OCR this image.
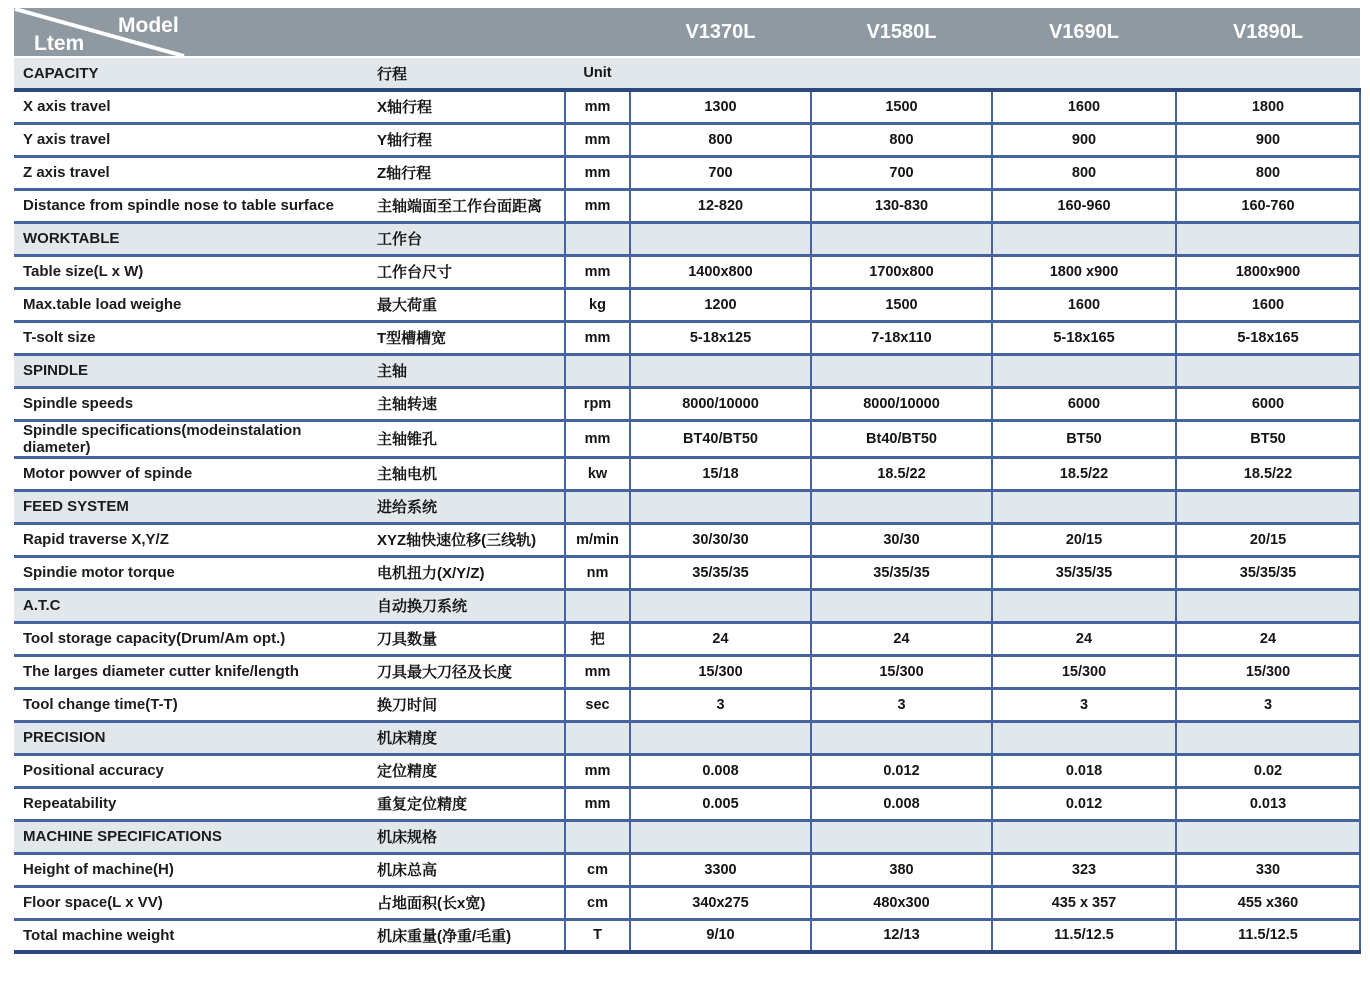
Model
Ltem			V1370L	V1580L	V1690L	V1890L
CAPACITY	行程	Unit				
X axis travel	X轴行程	mm	1300	1500	1600	1800
Y axis travel	Y轴行程	mm	800	800	900	900
Z axis travel	Z轴行程	mm	700	700	800	800
Distance from spindle nose to table surface	主轴端面至工作台面距离	mm	12-820	130-830	160-960	160-760
WORKTABLE	工作台					
Table size(L x W)	工作台尺寸	mm	1400x800	1700x800	1800 x900	1800x900
Max.table load weighe	最大荷重	kg	1200	1500	1600	1600
T-solt size	T型槽槽宽	mm	5-18x125	7-18x110	5-18x165	5-18x165
SPINDLE	主轴					
Spindle speeds	主轴转速	rpm	8000/10000	8000/10000	6000	6000
Spindle specifications(modeinstalation diameter)	主轴锥孔	mm	BT40/BT50	Bt40/BT50	BT50	BT50
Motor powver of spinde	主轴电机	kw	15/18	18.5/22	18.5/22	18.5/22
FEED SYSTEM	进给系统					
Rapid traverse X,Y/Z	XYZ轴快速位移(三线轨)	m/min	30/30/30	30/30	20/15	20/15
Spindie motor torque	电机扭力(X/Y/Z)	nm	35/35/35	35/35/35	35/35/35	35/35/35
A.T.C	自动换刀系统					
Tool storage capacity(Drum/Am opt.)	刀具数量	把	24	24	24	24
The larges diameter cutter knife/length	刀具最大刀径及长度	mm	15/300	15/300	15/300	15/300
Tool change time(T-T)	换刀时间	sec	3	3	3	3
PRECISION	机床精度					
Positional accuracy	定位精度	mm	0.008	0.012	0.018	0.02
Repeatability	重复定位精度	mm	0.005	0.008	0.012	0.013
MACHINE SPECIFICATIONS	机床规格					
Height of machine(H)	机床总高	cm	3300	380	323	330
Floor space(L x VV)	占地面积(长x宽)	cm	340x275	480x300	435 x 357	455 x360
Total machine weight	机床重量(净重/毛重)	T	9/10	12/13	11.5/12.5	11.5/12.5
